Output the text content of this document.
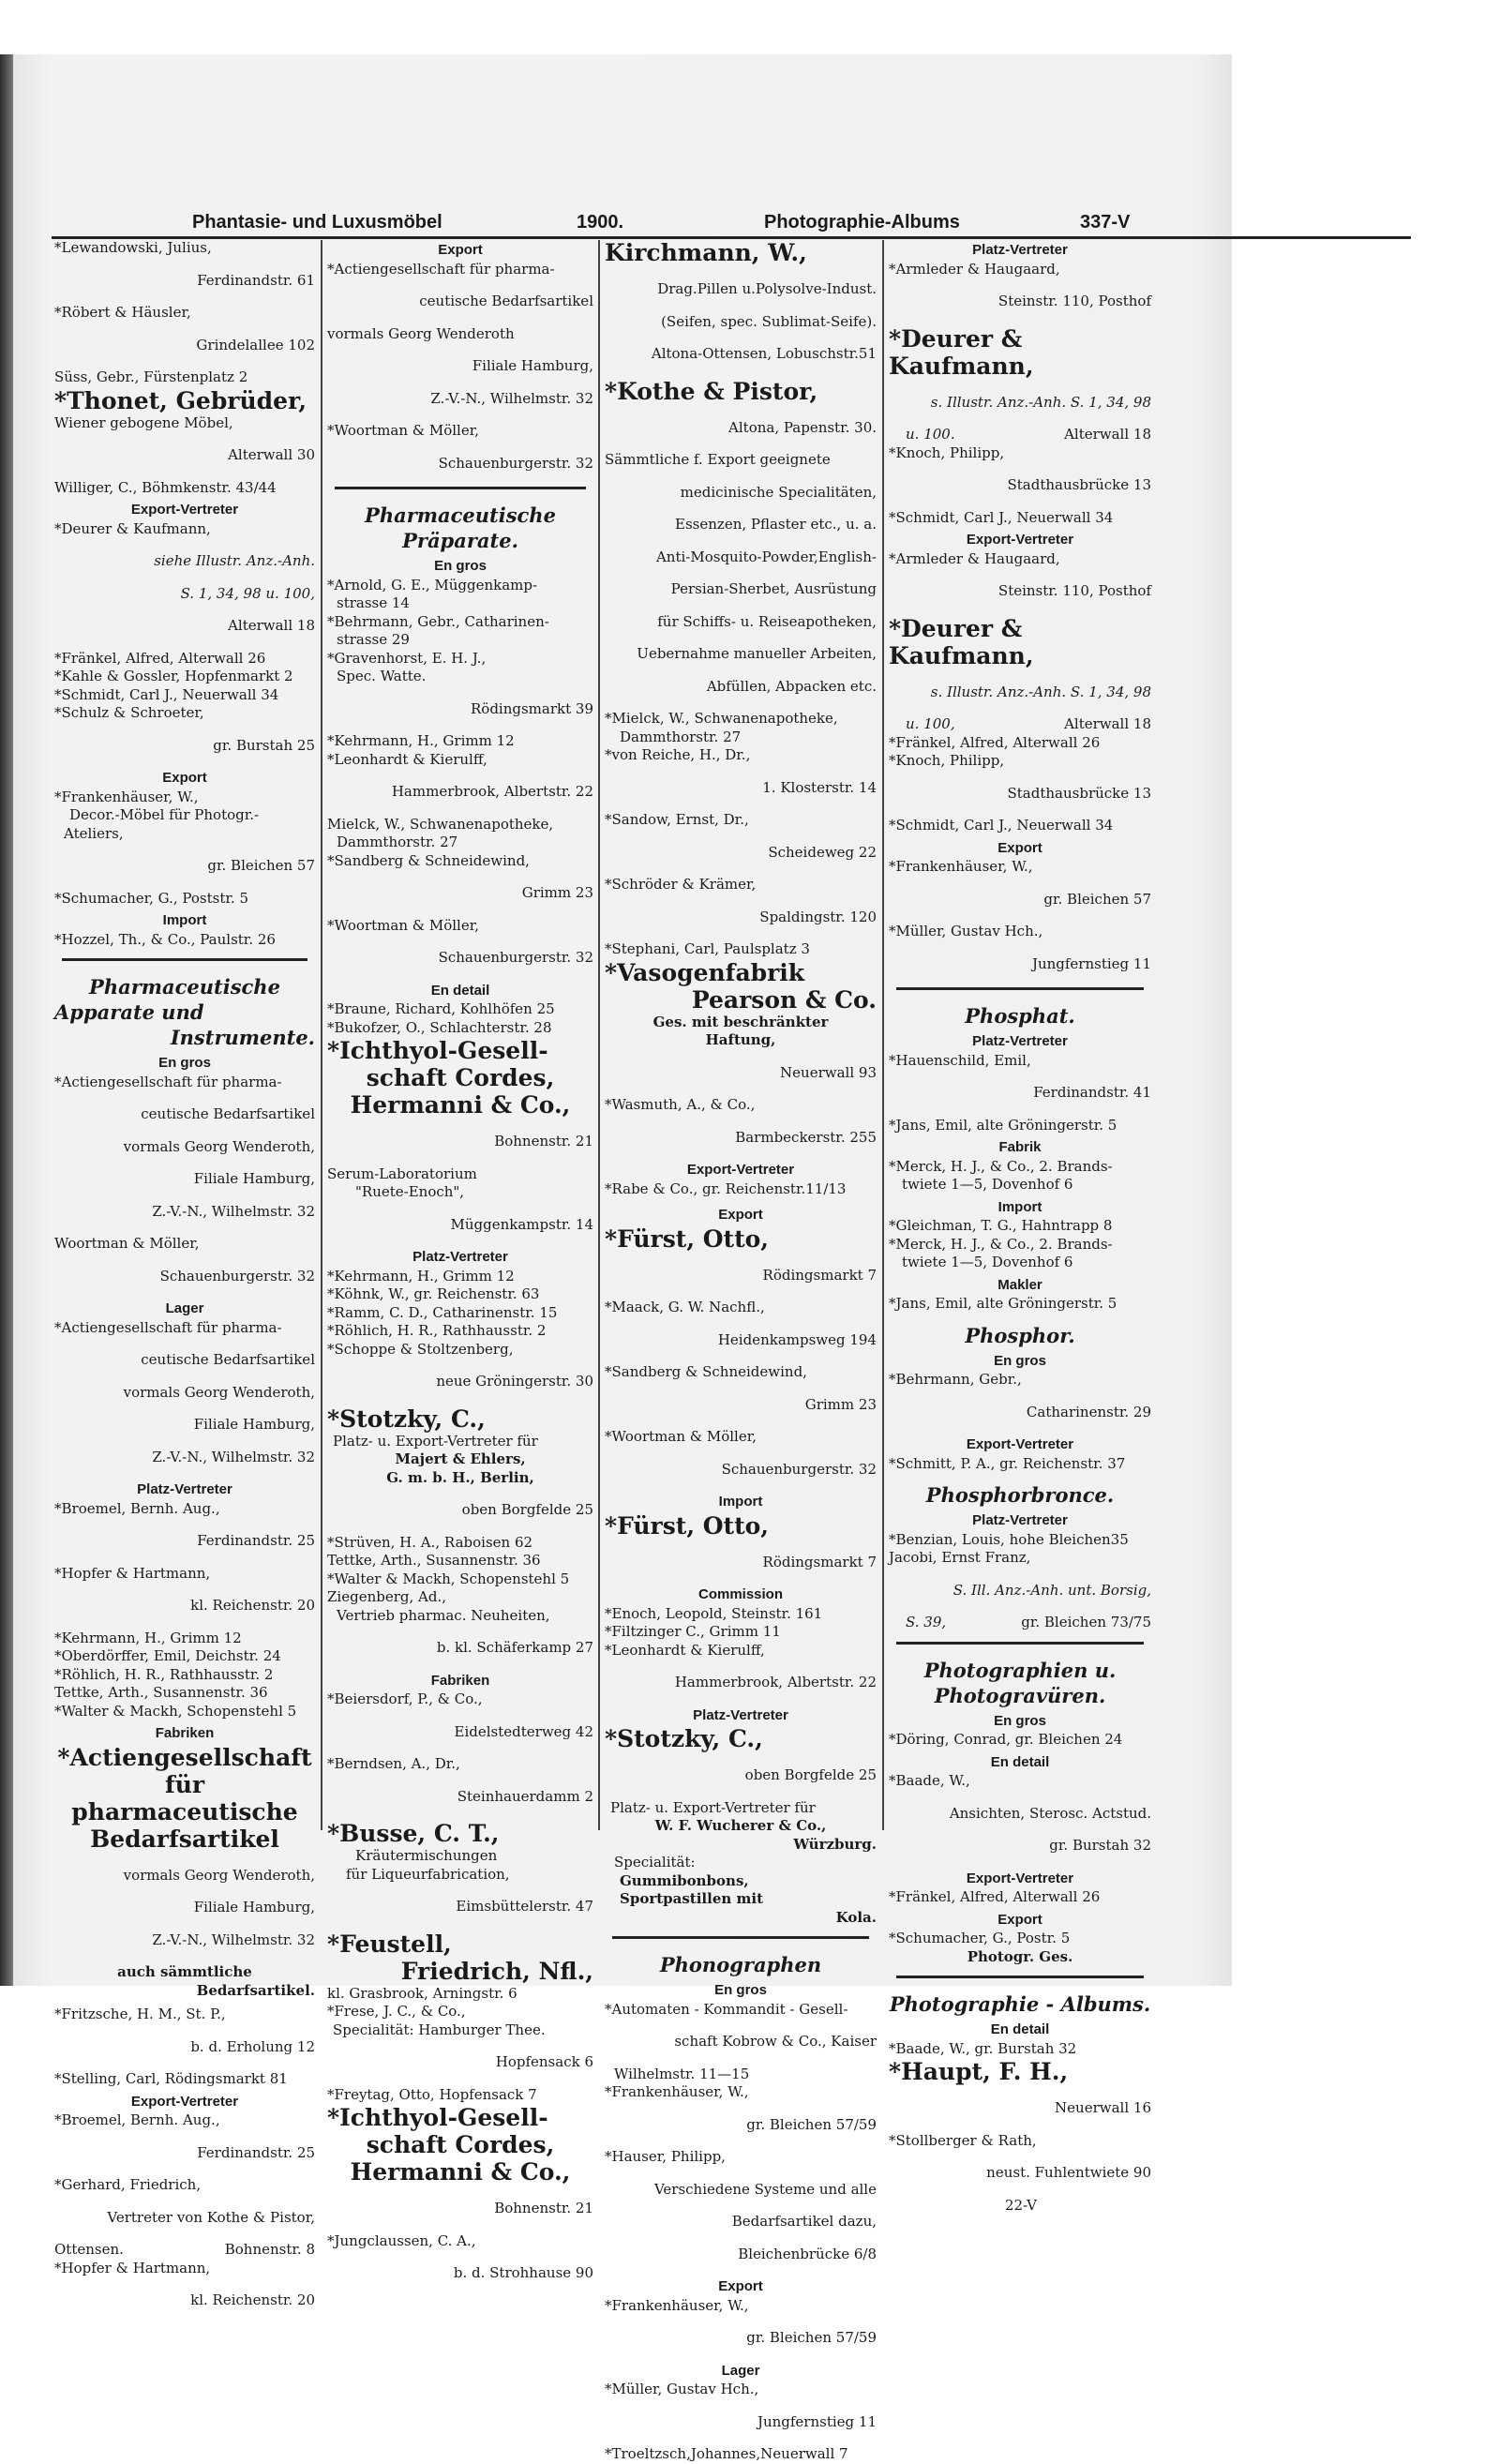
Phantasie- und Luxusmöbel	1900.	Photographie-Albums	337-V

*Lewandowski, Julius,

Ferdinandstr. 61

*Röbert & Häusler,

Grindelallee 102

Süss, Gebr., Fürstenplatz 2

*Thonet, Gebrüder,

Wiener gebogene Möbel,

Alterwall 30

Williger, C., Böhmkenstr. 43/44

Export-Vertreter

*Deurer & Kaufmann,

siehe Illustr. Anz.-Anh.

S. 1, 34, 98 u. 100,

Alterwall 18

*Fränkel, Alfred, Alterwall 26

*Kahle & Gossler, Hopfenmarkt 2

*Schmidt, Carl J., Neuerwall 34

*Schulz & Schroeter,

gr. Burstah 25

Export

*Frankenhäuser, W.,

Decor.-Möbel für Photogr.-

Ateliers,

gr. Bleichen 57

*Schumacher, G., Poststr. 5

Import

*Hozzel, Th., & Co., Paulstr. 26

Pharmaceutische
Apparate und
Instrumente.
En gros

*Actiengesellschaft für pharma-

ceutische Bedarfsartikel

vormals Georg Wenderoth,

Filiale Hamburg,

Z.-V.-N., Wilhelmstr. 32

Woortman & Möller,

Schauenburgerstr. 32

Lager

*Actiengesellschaft für pharma-

ceutische Bedarfsartikel

vormals Georg Wenderoth,

Filiale Hamburg,

Z.-V.-N., Wilhelmstr. 32

Platz-Vertreter

*Broemel, Bernh. Aug.,

Ferdinandstr. 25

*Hopfer & Hartmann,

kl. Reichenstr. 20

*Kehrmann, H., Grimm 12

*Oberdörffer, Emil, Deichstr. 24

*Röhlich, H. R., Rathhausstr. 2

Tettke, Arth., Susannenstr. 36

*Walter & Mackh, Schopenstehl 5

Fabriken

*Actiengesellschaft

für pharmaceutische

Bedarfsartikel

vormals Georg Wenderoth,

Filiale Hamburg,

Z.-V.-N., Wilhelmstr. 32

auch sämmtliche

Bedarfsartikel.

*Fritzsche, H. M., St. P.,

b. d. Erholung 12

*Stelling, Carl, Rödingsmarkt 81

Export-Vertreter

*Broemel, Bernh. Aug.,

Ferdinandstr. 25

*Gerhard, Friedrich,

Vertreter von Kothe & Pistor,

Ottensen.	Bohnenstr. 8

*Hopfer & Hartmann,

kl. Reichenstr. 20

Export

*Actiengesellschaft für pharma-

ceutische Bedarfsartikel

vormals Georg Wenderoth

Filiale Hamburg,

Z.-V.-N., Wilhelmstr. 32

*Woortman & Möller,

Schauenburgerstr. 32

Pharmaceutische
Präparate.
En gros

*Arnold, G. E., Müggenkamp-

strasse 14

*Behrmann, Gebr., Catharinen-

strasse 29

*Gravenhorst, E. H. J.,

Spec. Watte.

Rödingsmarkt 39

*Kehrmann, H., Grimm 12

*Leonhardt & Kierulff,

Hammerbrook, Albertstr. 22

Mielck, W., Schwanenapotheke,

Dammthorstr. 27

*Sandberg & Schneidewind,

Grimm 23

*Woortman & Möller,

Schauenburgerstr. 32

En detail

*Braune, Richard, Kohlhöfen 25

*Bukofzer, O., Schlachterstr. 28

*Ichthyol-Gesell-

schaft Cordes,

Hermanni & Co.,

Bohnenstr. 21

Serum-Laboratorium

"Ruete-Enoch",

Müggenkampstr. 14

Platz-Vertreter

*Kehrmann, H., Grimm 12

*Köhnk, W., gr. Reichenstr. 63

*Ramm, C. D., Catharinenstr. 15

*Röhlich, H. R., Rathhausstr. 2

*Schoppe & Stoltzenberg,

neue Gröningerstr. 30

*Stotzky, C.,

Platz- u. Export-Vertreter für

Majert & Ehlers,

G. m. b. H., Berlin,

oben Borgfelde 25

*Strüven, H. A., Raboisen 62

Tettke, Arth., Susannenstr. 36

*Walter & Mackh, Schopenstehl 5

Ziegenberg, Ad.,

Vertrieb pharmac. Neuheiten,

b. kl. Schäferkamp 27

Fabriken

*Beiersdorf, P., & Co.,

Eidelstedterweg 42

*Berndsen, A., Dr.,

Steinhauerdamm 2

*Busse, C. T.,

Kräutermischungen

für Liqueurfabrication,

Eimsbüttelerstr. 47

*Feustell,

Friedrich, Nfl.,

kl. Grasbrook, Arningstr. 6

*Frese, J. C., & Co.,

Specialität: Hamburger Thee.

Hopfensack 6

*Freytag, Otto, Hopfensack 7

*Ichthyol-Gesell-

schaft Cordes,

Hermanni & Co.,

Bohnenstr. 21

*Jungclaussen, C. A.,

b. d. Strohhause 90

Kirchmann, W.,

Drag.Pillen u.Polysolve-Indust.

(Seifen, spec. Sublimat-Seife).

Altona-Ottensen, Lobuschstr.51

*Kothe & Pistor,

Altona, Papenstr. 30.

Sämmtliche f. Export geeignete

medicinische Specialitäten,

Essenzen, Pflaster etc., u. a.

Anti-Mosquito-Powder,English-

Persian-Sherbet, Ausrüstung

für Schiffs- u. Reiseapotheken,

Uebernahme manueller Arbeiten,

Abfüllen, Abpacken etc.

*Mielck, W., Schwanenapotheke,

Dammthorstr. 27

*von Reiche, H., Dr.,

1. Klosterstr. 14

*Sandow, Ernst, Dr.,

Scheideweg 22

*Schröder & Krämer,

Spaldingstr. 120

*Stephani, Carl, Paulsplatz 3

*Vasogenfabrik

Pearson & Co.

Ges. mit beschränkter

Haftung,

Neuerwall 93

*Wasmuth, A., & Co.,

Barmbeckerstr. 255

Export-Vertreter

*Rabe & Co., gr. Reichenstr.11/13

Export

*Fürst, Otto,

Rödingsmarkt 7

*Maack, G. W. Nachfl.,

Heidenkampsweg 194

*Sandberg & Schneidewind,

Grimm 23

*Woortman & Möller,

Schauenburgerstr. 32

Import

*Fürst, Otto,

Rödingsmarkt 7

Commission

*Enoch, Leopold, Steinstr. 161

*Filtzinger C., Grimm 11

*Leonhardt & Kierulff,

Hammerbrook, Albertstr. 22

Platz-Vertreter

*Stotzky, C.,

oben Borgfelde 25

Platz- u. Export-Vertreter für

W. F. Wucherer & Co.,

Würzburg.

Specialität:

Gummibonbons,

Sportpastillen mit

Kola.

Phonographen
En gros

*Automaten - Kommandit - Gesell-

schaft Kobrow & Co., Kaiser

Wilhelmstr. 11—15

*Frankenhäuser, W.,

gr. Bleichen 57/59

*Hauser, Philipp,

Verschiedene Systeme und alle

Bedarfsartikel dazu,

Bleichenbrücke 6/8

Export

*Frankenhäuser, W.,

gr. Bleichen 57/59

Lager

*Müller, Gustav Hch.,

Jungfernstieg 11

*Troeltzsch,Johannes,Neuerwall 7

Platz-Vertreter

*Armleder & Haugaard,

Steinstr. 110, Posthof

*Deurer & Kaufmann,

s. Illustr. Anz.-Anh. S. 1, 34, 98

u. 100.	Alterwall 18

*Knoch, Philipp,

Stadthausbrücke 13

*Schmidt, Carl J., Neuerwall 34

Export-Vertreter

*Armleder & Haugaard,

Steinstr. 110, Posthof

*Deurer & Kaufmann,

s. Illustr. Anz.-Anh. S. 1, 34, 98

u. 100,	Alterwall 18

*Fränkel, Alfred, Alterwall 26

*Knoch, Philipp,

Stadthausbrücke 13

*Schmidt, Carl J., Neuerwall 34

Export

*Frankenhäuser, W.,

gr. Bleichen 57

*Müller, Gustav Hch.,

Jungfernstieg 11

Phosphat.
Platz-Vertreter

*Hauenschild, Emil,

Ferdinandstr. 41

*Jans, Emil, alte Gröningerstr. 5

Fabrik

*Merck, H. J., & Co., 2. Brands-

twiete 1—5, Dovenhof 6

Import

*Gleichman, T. G., Hahntrapp 8

*Merck, H. J., & Co., 2. Brands-

twiete 1—5, Dovenhof 6

Makler

*Jans, Emil, alte Gröningerstr. 5

Phosphor.
En gros

*Behrmann, Gebr.,

Catharinenstr. 29

Export-Vertreter

*Schmitt, P. A., gr. Reichenstr. 37

Phosphorbronce.
Platz-Vertreter

*Benzian, Louis, hohe Bleichen35

Jacobi, Ernst Franz,

S. Ill. Anz.-Anh. unt. Borsig,

S. 39,	gr. Bleichen 73/75

Photographien u.
Photogravüren.
En gros

*Döring, Conrad, gr. Bleichen 24

En detail

*Baade, W.,

Ansichten, Sterosc. Actstud.

gr. Burstah 32

Export-Vertreter

*Fränkel, Alfred, Alterwall 26

Export

*Schumacher, G., Postr. 5

Photogr. Ges.

Photographie - Albums.
En detail

*Baade, W., gr. Burstah 32

*Haupt, F. H.,

Neuerwall 16

*Stollberger & Rath,

neust. Fuhlentwiete 90

22-V
